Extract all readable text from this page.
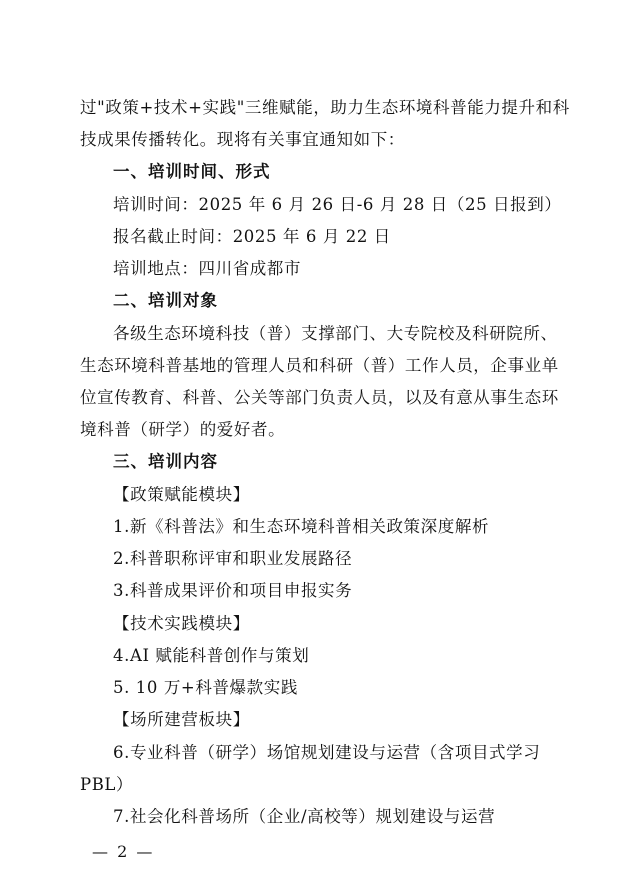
过"政策+技术+实践"三维赋能，助力生态环境科普能力提升和科
技成果传播转化。现将有关事宜通知如下：
一、培训时间、形式
培训时间：2025 年 6 月 26 日-6 月 28 日（25 日报到）
报名截止时间：2025 年 6 月 22 日
培训地点：四川省成都市
二、培训对象
各级生态环境科技（普）支撑部门、大专院校及科研院所、
生态环境科普基地的管理人员和科研（普）工作人员，企事业单
位宣传教育、科普、公关等部门负责人员，以及有意从事生态环
境科普（研学）的爱好者。
三、培训内容
【政策赋能模块】
1.新《科普法》和生态环境科普相关政策深度解析
2.科普职称评审和职业发展路径
3.科普成果评价和项目申报实务
【技术实践模块】
4.AI 赋能科普创作与策划
5. 10 万+科普爆款实践
【场所建营板块】
6.专业科普（研学）场馆规划建设与运营（含项目式学习
PBL）
7.社会化科普场所（企业/高校等）规划建设与运营
— 2 —
